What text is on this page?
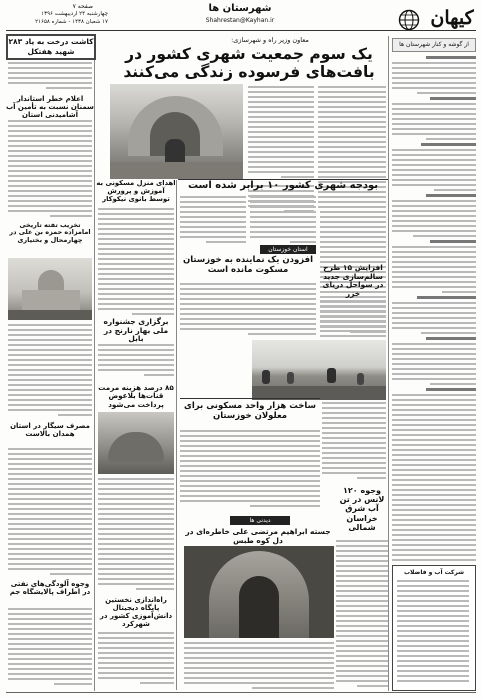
کیهان
شهرستان ها
Shahrestan@Kayhan.ir
صفحه ۷
چهارشنبه ۲۴ اردیبهشت ۱۳۹۶
۱۷ شعبان ۱۴۳۸ - شماره ۲۱۶۵۸
از گوشه و کنار شهرستان ها
شرکت آب و فاضلاب
معاون وزیر راه و شهرسازی:
یک سوم جمعیت شهری کشور در بافت‌های فرسوده زندگی می‌کنند
بودجه شهری کشور ۱۰ برابر شده است
استان خوزستان
افزودن یک نماینده به خوزستان مسکوت مانده است	افزایش ۱۵ طرح سالم‌سازی جدید در سواحل دریای خزر
ساخت هزار واحد مسکونی برای معلولان خوزستان
وجوه ۱۲۰ لانس در تن آب شرق خراسان شمالی
دیدنی ها
جسته ابراهیم مرتضی علی خاطره‌ای در دل کوه طبس
اهدای منزل مسکونی به آموزش و پرورش توسط بانوی نیکوکار
برگزاری جشنواره ملی بهار نارنج در بابل
۸۵ درصد هزینه مرمت قنات‌ها بلاعوض پرداخت می‌شود
راه‌اندازی نخستین پایگاه دیجیتال دانش‌آموزی کشور در شهرکرد
کاشت درخت به یاد ۲۸۳ شهید هفتکل
اعلام خطر استاندار سمنان نسبت به تأمین آب آشامیدنی استان
تخریب تفته تاریخی امامزاده حمزه بن علی در چهارمحال و بختیاری
مصرف سیگار در استان همدان بالاست
وجوه آلودگی‌های نفتی در اطراف پالایشگاه جم
